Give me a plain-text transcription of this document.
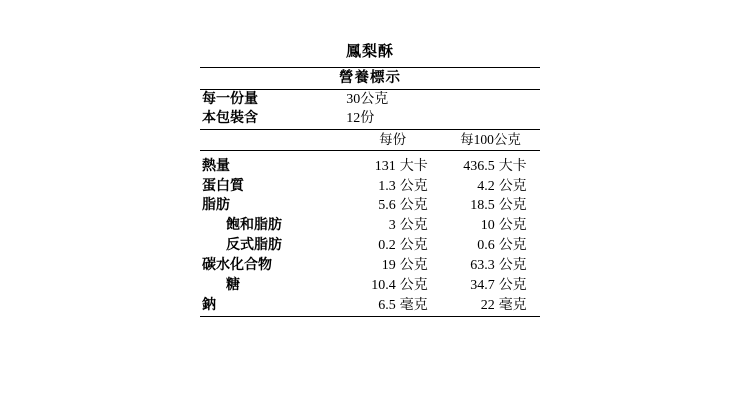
鳳梨酥
營養標示				
每一份量	30公克			
本包裝含	12份			
	每份		每100公克	

熱量	131	大卡	436.5	大卡
蛋白質	1.3	公克	4.2	公克
脂肪	5.6	公克	18.5	公克
飽和脂肪	3	公克	10	公克
反式脂肪	0.2	公克	0.6	公克
碳水化合物	19	公克	63.3	公克
糖	10.4	公克	34.7	公克
鈉	6.5	毫克	22	毫克
